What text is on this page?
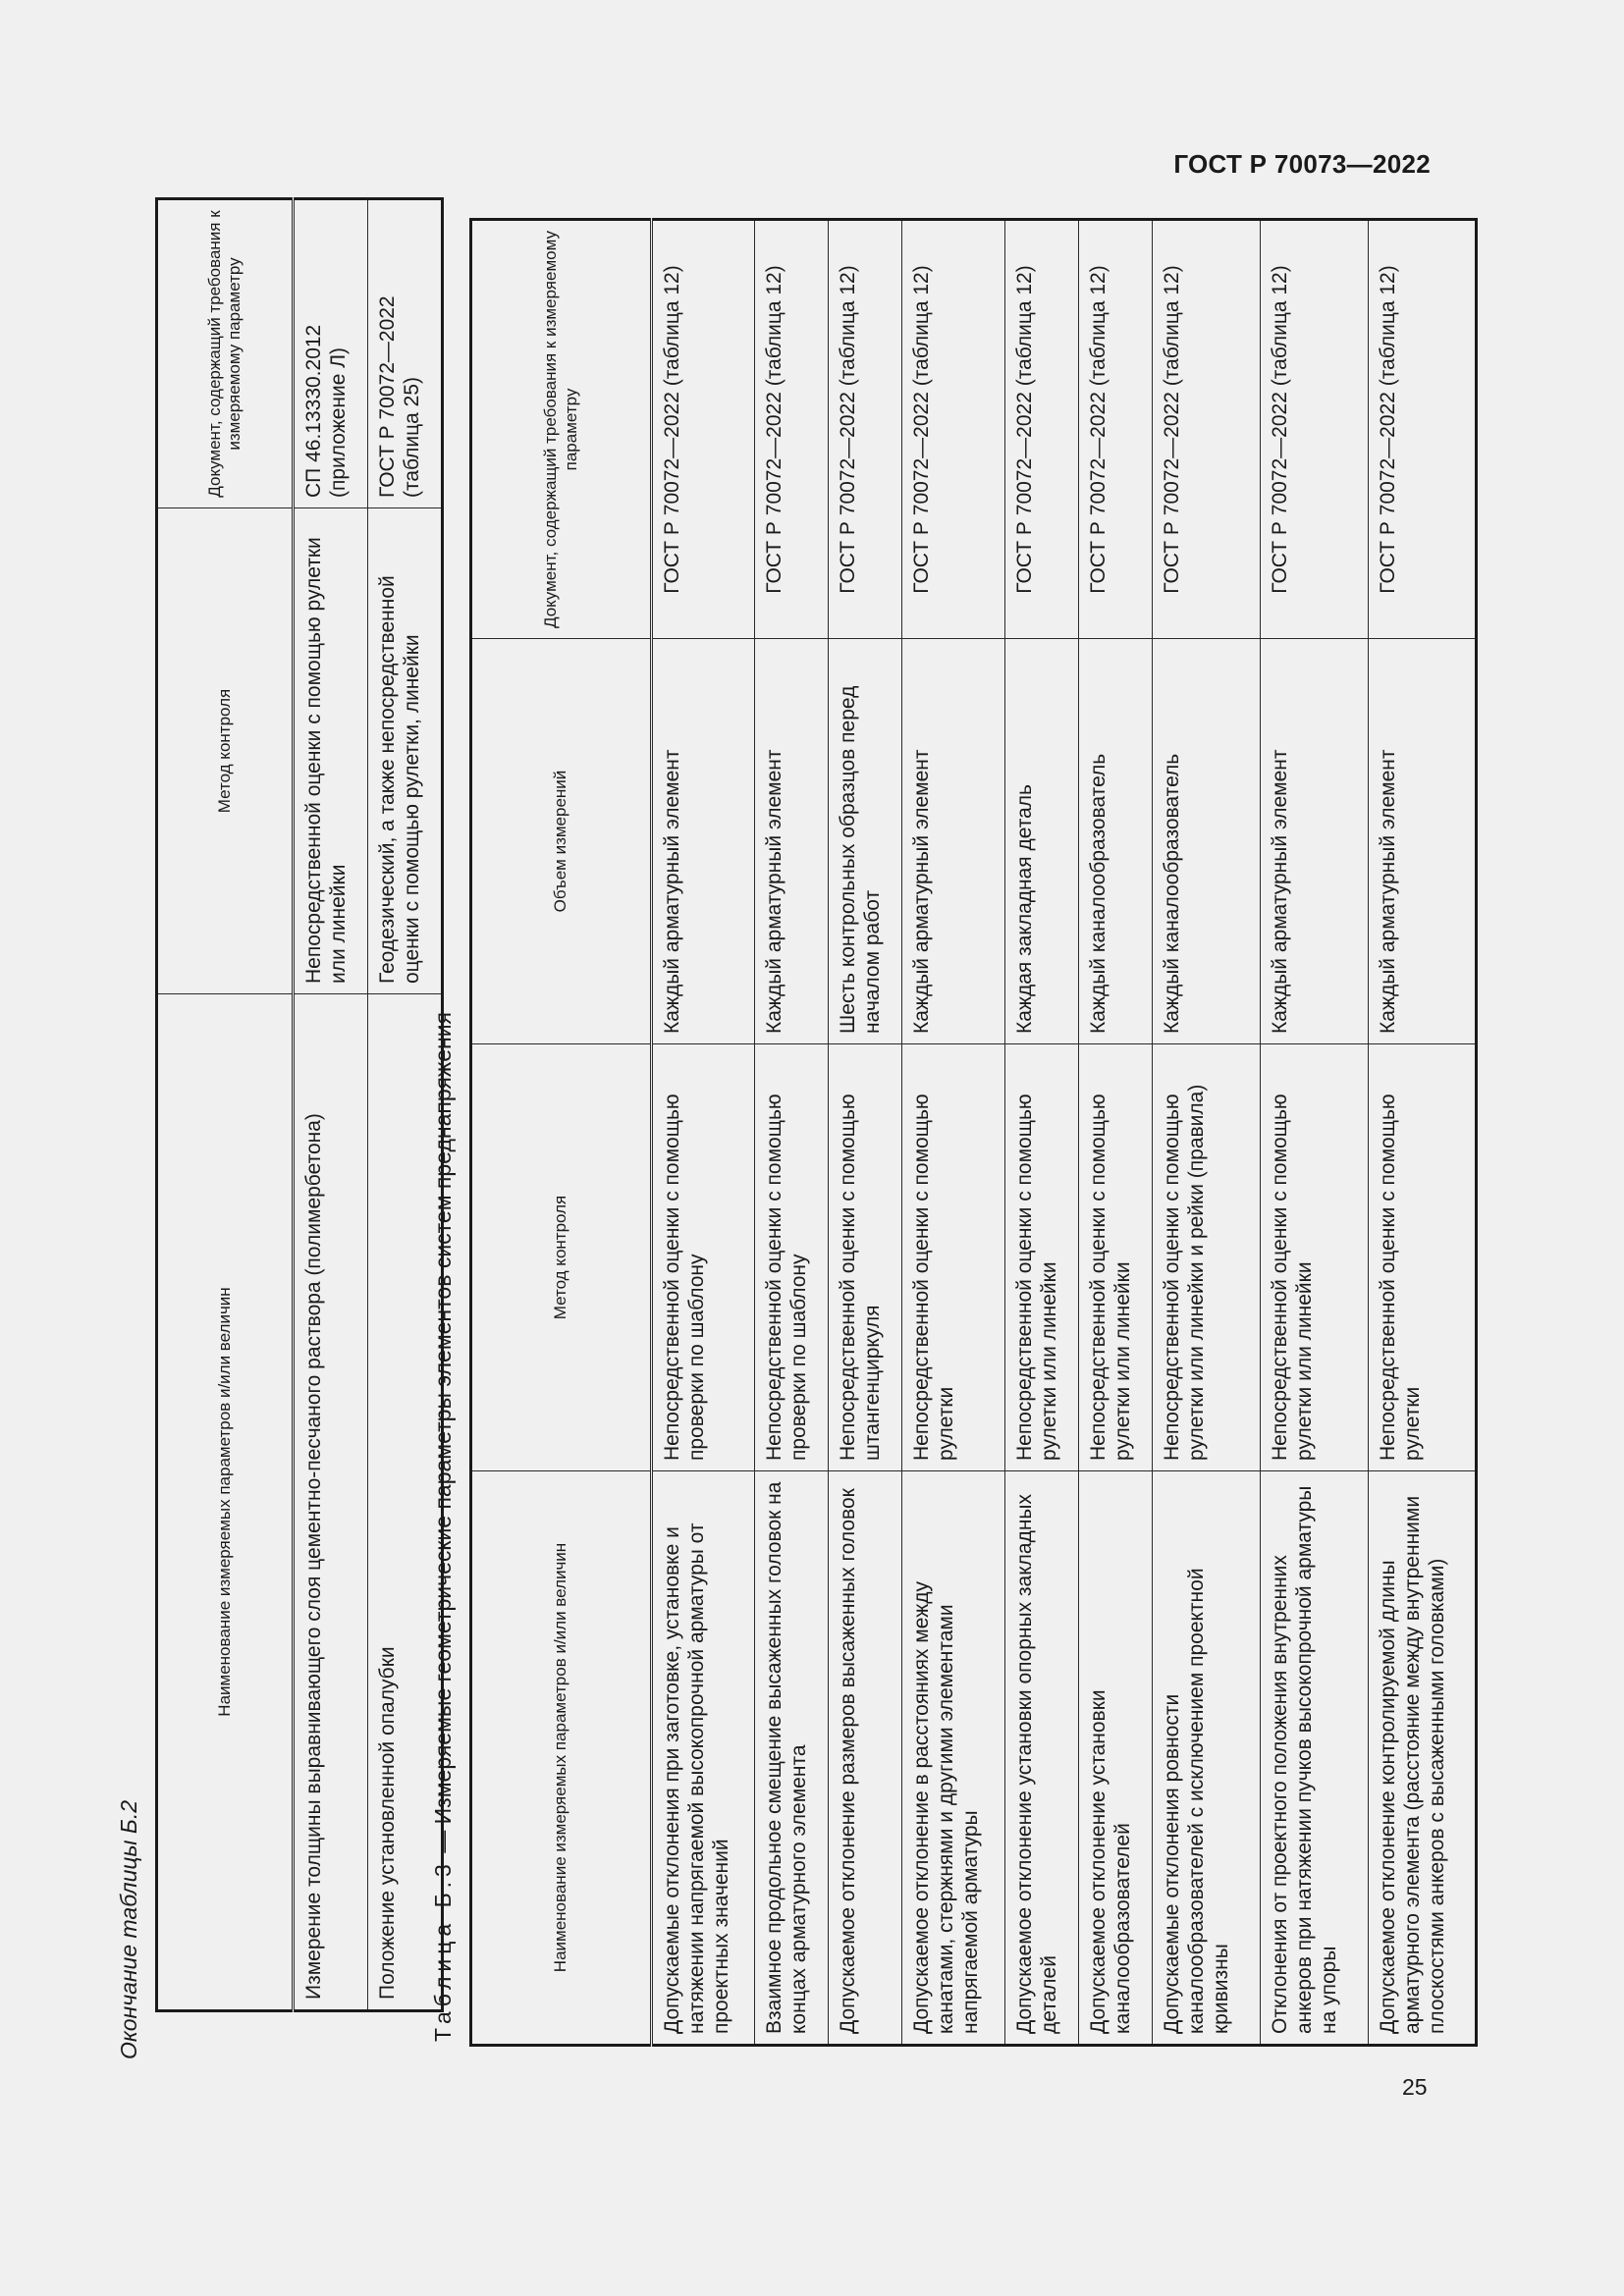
ГОСТ Р 70073—2022
Окончание таблицы Б.2
Наименование измеряемых параметров и/или величин	Метод контроля	Документ, содержащий требования к измеряемому параметру
Измерение толщины выравнивающего слоя цементно-песчаного раствора (полимербетона)	Непосредственной оценки с помощью рулетки или линейки	СП 46.13330.2012 (приложение Л)
Положение установленной опалубки	Геодезический, а также непосредственной оценки с помощью рулетки, линейки	ГОСТ Р 70072—2022 (таблица 25)
Таблица Б.3 — Измеряемые геометрические параметры элементов систем преднапряжения	Наименование измеряемых параметров и/или величин	Метод контроля	Объем измерений	Документ, содержащий требования к измеряемому параметру
Допускаемые отклонения при заготовке, установке и натяжении напрягаемой высокопрочной арматуры от проектных значений	Непосредственной оценки с помощью проверки по шаблону	Каждый арматурный элемент	ГОСТ Р 70072—2022 (таблица 12)
Взаимное продольное смещение высаженных головок на концах арматурного элемента	Непосредственной оценки с помощью проверки по шаблону	Каждый арматурный элемент	ГОСТ Р 70072—2022 (таблица 12)
Допускаемое отклонение размеров высаженных головок	Непосредственной оценки с помощью штангенциркуля	Шесть контрольных образцов перед началом работ	ГОСТ Р 70072—2022 (таблица 12)
Допускаемое отклонение в расстояниях между канатами, стержнями и другими элементами напрягаемой арматуры	Непосредственной оценки с помощью рулетки	Каждый арматурный элемент	ГОСТ Р 70072—2022 (таблица 12)
Допускаемое отклонение установки опорных закладных деталей	Непосредственной оценки с помощью рулетки или линейки	Каждая закладная деталь	ГОСТ Р 70072—2022 (таблица 12)
Допускаемое отклонение установки каналообразователей	Непосредственной оценки с помощью рулетки или линейки	Каждый каналообразователь	ГОСТ Р 70072—2022 (таблица 12)
Допускаемые отклонения ровности каналообразователей с исключением проектной кривизны	Непосредственной оценки с помощью рулетки или линейки и рейки (правила)	Каждый каналообразователь	ГОСТ Р 70072—2022 (таблица 12)
Отклонения от проектного положения внутренних анкеров при натяжении пучков высокопрочной арматуры на упоры	Непосредственной оценки с помощью рулетки или линейки	Каждый арматурный элемент	ГОСТ Р 70072—2022 (таблица 12)
Допускаемое отклонение контролируемой длины арматурного элемента (расстояние между внутренними плоскостями анкеров с высаженными головками)	Непосредственной оценки с помощью рулетки	Каждый арматурный элемент	ГОСТ Р 70072—2022 (таблица 12)
25
